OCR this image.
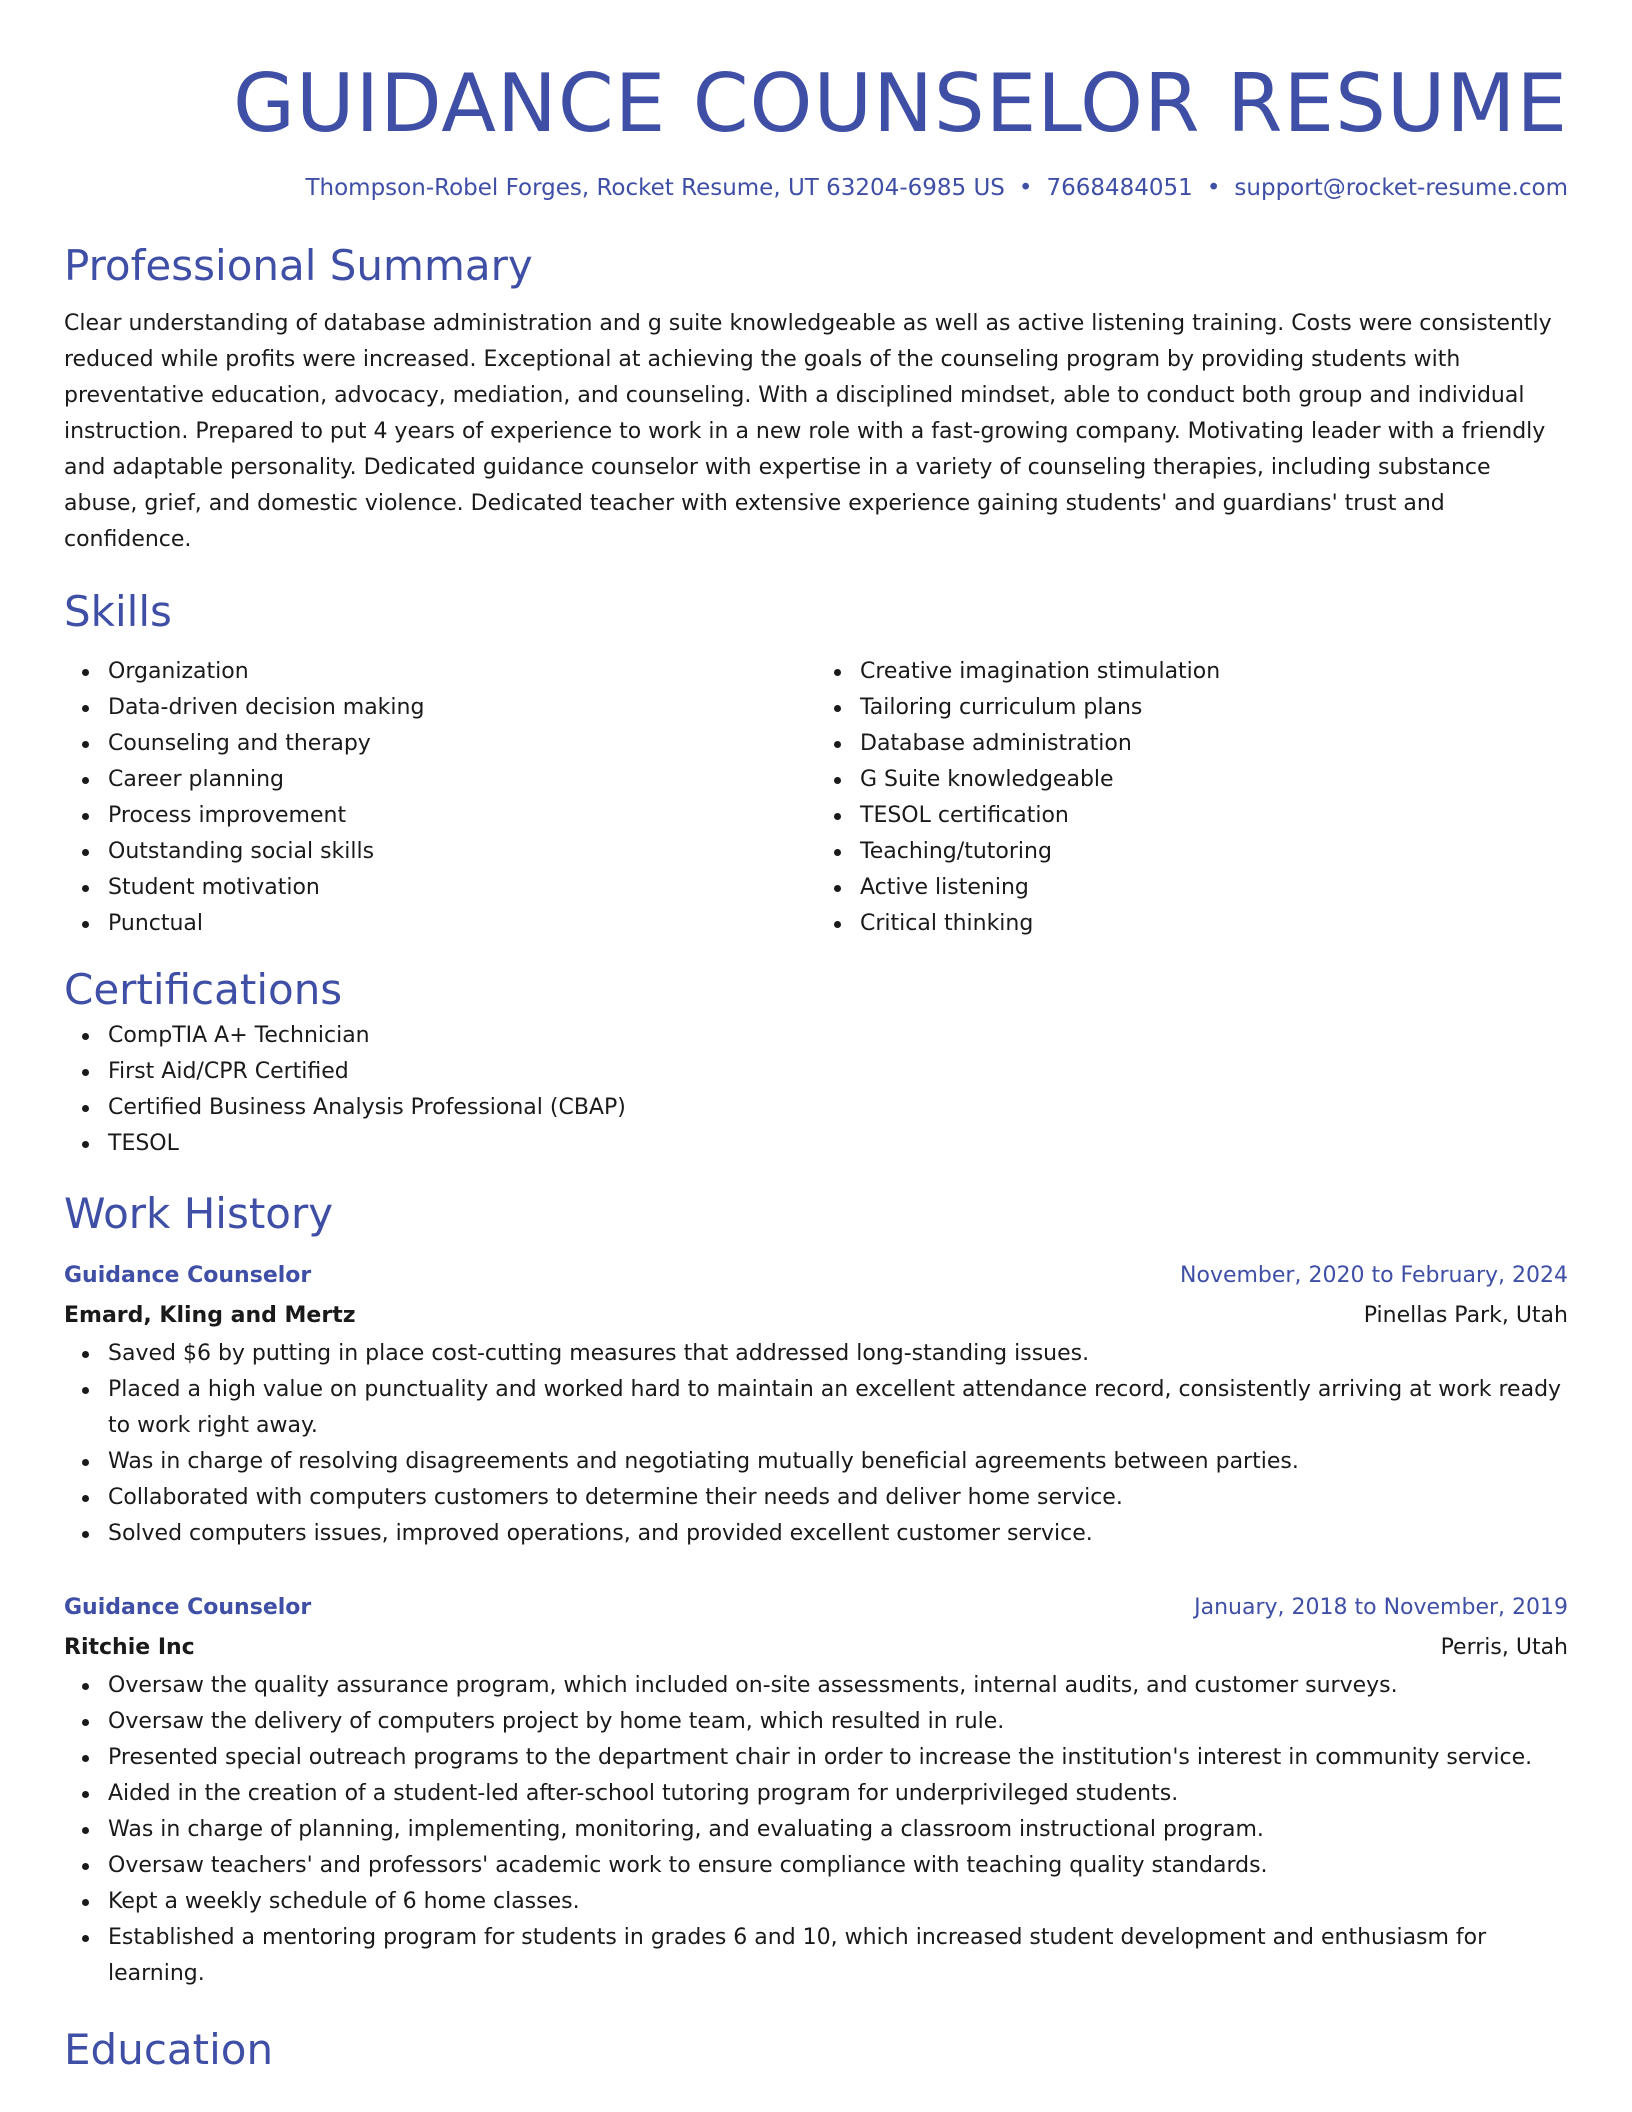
GUIDANCE COUNSELOR RESUME
Thompson-Robel Forges, Rocket Resume, UT 63204-6985 US • 7668484051 • support@rocket-resume.com
Professional Summary
Clear understanding of database administration and g suite knowledgeable as well as active listening training. Costs were consistently reduced while profits were increased. Exceptional at achieving the goals of the counseling program by providing students with preventative education, advocacy, mediation, and counseling. With a disciplined mindset, able to conduct both group and individual instruction. Prepared to put 4 years of experience to work in a new role with a fast-growing company. Motivating leader with a friendly and adaptable personality. Dedicated guidance counselor with expertise in a variety of counseling therapies, including substance abuse, grief, and domestic violence. Dedicated teacher with extensive experience gaining students' and guardians' trust and confidence.
Skills
Organization
Data-driven decision making
Counseling and therapy
Career planning
Process improvement
Outstanding social skills
Student motivation
Punctual
Creative imagination stimulation
Tailoring curriculum plans
Database administration
G Suite knowledgeable
TESOL certification
Teaching/tutoring
Active listening
Critical thinking
Certifications
CompTIA A+ Technician
First Aid/CPR Certified
Certified Business Analysis Professional (CBAP)
TESOL
Work History
Guidance Counselor	November, 2020 to February, 2024
Emard, Kling and Mertz	Pinellas Park, Utah
Saved $6 by putting in place cost-cutting measures that addressed long-standing issues.
Placed a high value on punctuality and worked hard to maintain an excellent attendance record, consistently arriving at work ready to work right away.
Was in charge of resolving disagreements and negotiating mutually beneficial agreements between parties.
Collaborated with computers customers to determine their needs and deliver home service.
Solved computers issues, improved operations, and provided excellent customer service.
Guidance Counselor	January, 2018 to November, 2019
Ritchie Inc	Perris, Utah
Oversaw the quality assurance program, which included on-site assessments, internal audits, and customer surveys.
Oversaw the delivery of computers project by home team, which resulted in rule.
Presented special outreach programs to the department chair in order to increase the institution's interest in community service.
Aided in the creation of a student-led after-school tutoring program for underprivileged students.
Was in charge of planning, implementing, monitoring, and evaluating a classroom instructional program.
Oversaw teachers' and professors' academic work to ensure compliance with teaching quality standards.
Kept a weekly schedule of 6 home classes.
Established a mentoring program for students in grades 6 and 10, which increased student development and enthusiasm for learning.
Education
